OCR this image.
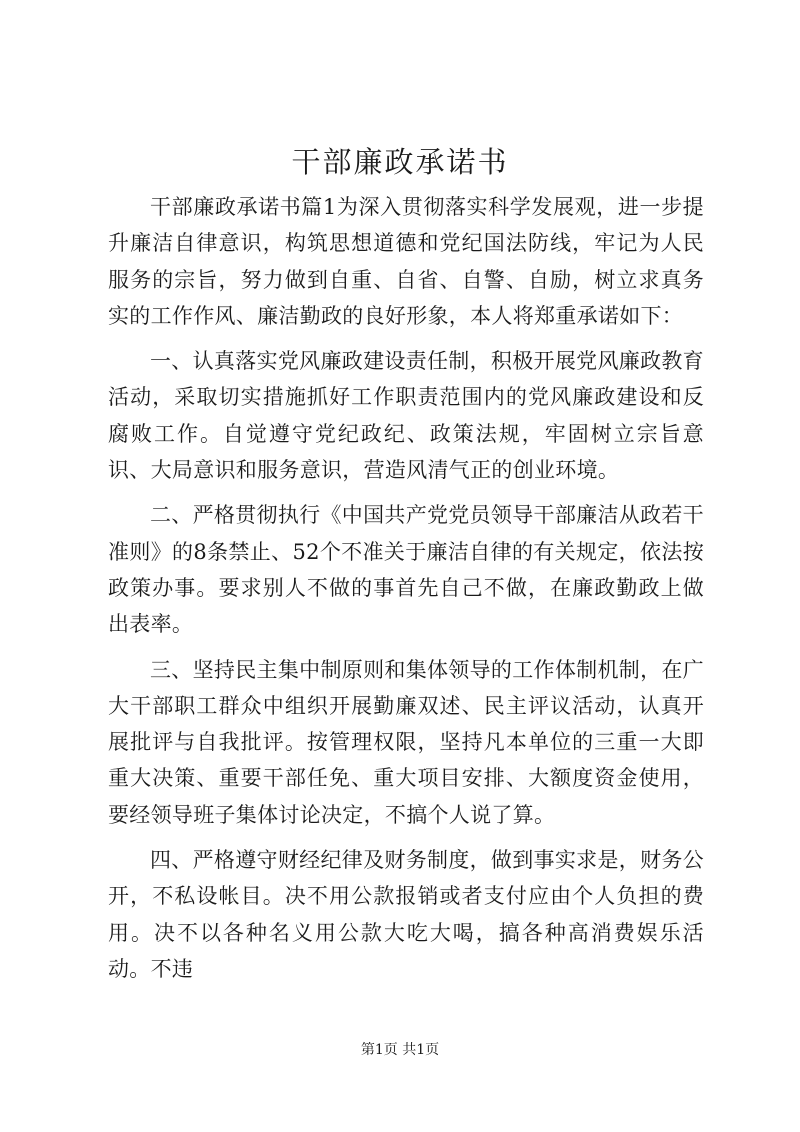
干部廉政承诺书

干部廉政承诺书篇1为深入贯彻落实科学发展观，进一步提升廉洁自律意识，构筑思想道德和党纪国法防线，牢记为人民服务的宗旨，努力做到自重、自省、自警、自励，树立求真务实的工作作风、廉洁勤政的良好形象，本人将郑重承诺如下：

一、认真落实党风廉政建设责任制，积极开展党风廉政教育活动，采取切实措施抓好工作职责范围内的党风廉政建设和反腐败工作。自觉遵守党纪政纪、政策法规，牢固树立宗旨意识、大局意识和服务意识，营造风清气正的创业环境。

二、严格贯彻执行《中国共产党党员领导干部廉洁从政若干准则》的8条禁止、52个不准关于廉洁自律的有关规定，依法按政策办事。要求别人不做的事首先自己不做，在廉政勤政上做出表率。

三、坚持民主集中制原则和集体领导的工作体制机制，在广大干部职工群众中组织开展勤廉双述、民主评议活动，认真开展批评与自我批评。按管理权限，坚持凡本单位的三重一大即重大决策、重要干部任免、重大项目安排、大额度资金使用，要经领导班子集体讨论决定，不搞个人说了算。

四、严格遵守财经纪律及财务制度，做到事实求是，财务公开，不私设帐目。决不用公款报销或者支付应由个人负担的费用。决不以各种名义用公款大吃大喝，搞各种高消费娱乐活动。不违

第1页 共1页
